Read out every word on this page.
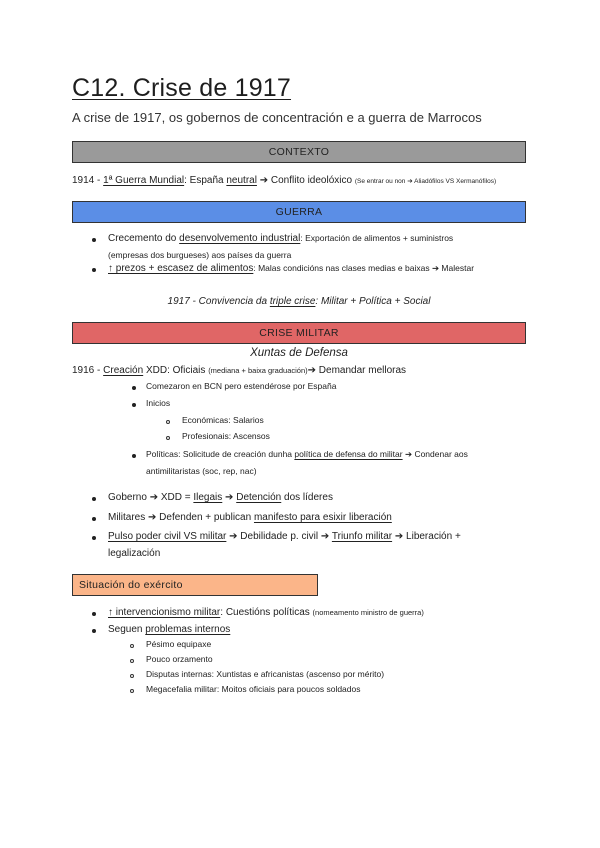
C12. Crise de 1917
A crise de 1917, os gobernos de concentración e a guerra de Marrocos
CONTEXTO
1914 - 1ª Guerra Mundial: España neutral ➔ Conflito ideolóxico (Se entrar ou non ➔ Aliadófilos VS Xermanófilos)
GUERRA
Crecemento do desenvolvemento industrial: Exportación de alimentos + suministros
(empresas dos burgueses) aos países da guerra
↑ prezos + escasez de alimentos: Malas condicións nas clases medias e baixas ➔ Malestar
1917 - Convivencia da triple crise: Militar + Política + Social
CRISE MILITAR
Xuntas de Defensa
1916 - Creación XDD: Oficiais (mediana + baixa graduación)➔ Demandar melloras
Comezaron en BCN pero estendérose por España
Inicios
Económicas: Salarios
Profesionais: Ascensos
Políticas: Solicitude de creación dunha política de defensa do militar ➔ Condenar aos
antimilitaristas (soc, rep, nac)
Goberno ➔ XDD = Ilegais ➔ Detención dos líderes
Militares ➔ Defenden + publican manifesto para esixir liberación
Pulso poder civil VS militar ➔ Debilidade p. civil ➔ Triunfo militar ➔ Liberación +
legalización
Situación do exército
↑ intervencionismo militar: Cuestións políticas (nomeamento ministro de guerra)
Seguen problemas internos
Pésimo equipaxe
Pouco orzamento
Disputas internas: Xuntistas e africanistas (ascenso por mérito)
Megacefalia militar: Moitos oficiais para poucos soldados
